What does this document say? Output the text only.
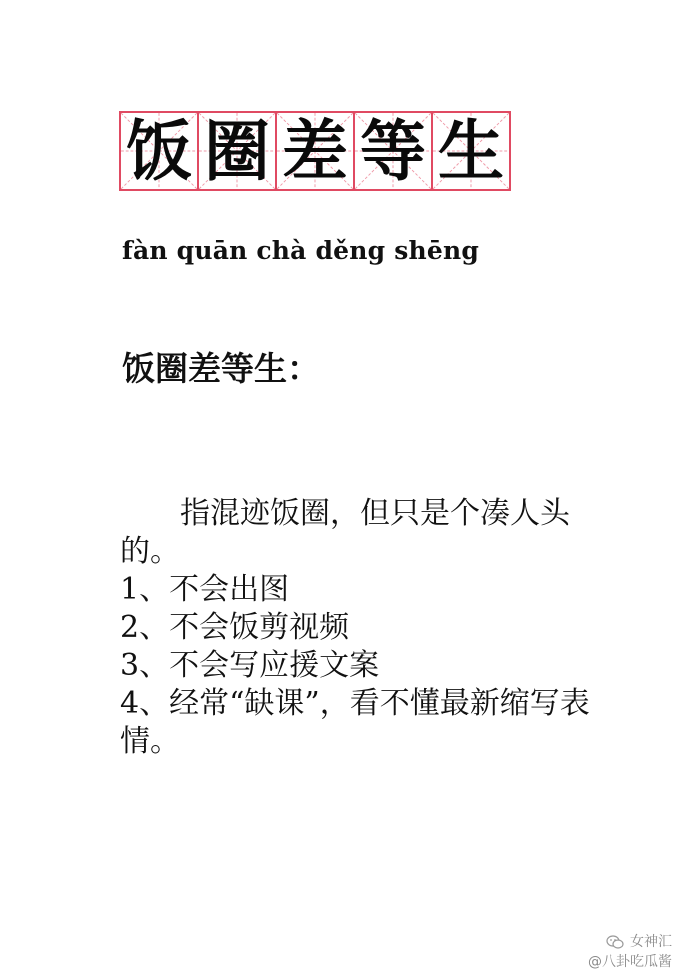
饭 圈 差 等 生
fàn quān chà děng shēng
饭圈差等生：

指混迹饭圈，但只是个凑人头的。

1、不会出图

2、不会饭剪视频

3、不会写应援文案

4、经常“缺课”，看不懂最新缩写表情。

女神汇
@八卦吃瓜酱
